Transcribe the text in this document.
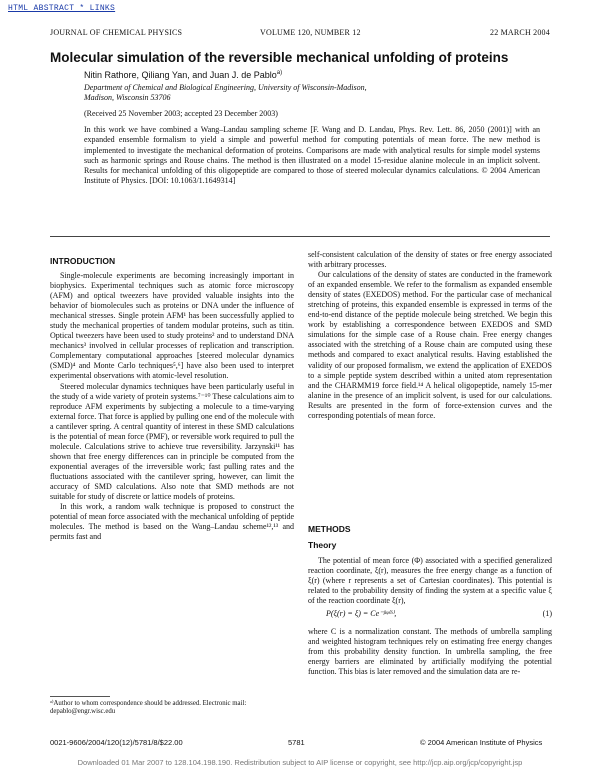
HTML ABSTRACT * LINKS
JOURNAL OF CHEMICAL PHYSICS	VOLUME 120, NUMBER 12	22 MARCH 2004
Molecular simulation of the reversible mechanical unfolding of proteins
Nitin Rathore, Qiliang Yan, and Juan J. de Pablo$^{a)}$
Department of Chemical and Biological Engineering, University of Wisconsin-Madison,
Madison, Wisconsin 53706
(Received 25 November 2003; accepted 23 December 2003)
In this work we have combined a Wang–Landau sampling scheme [F. Wang and D. Landau, Phys. Rev. Lett. 86, 2050 (2001)] with an expanded ensemble formalism to yield a simple and powerful method for computing potentials of mean force. The new method is implemented to investigate the mechanical deformation of proteins. Comparisons are made with analytical results for simple model systems such as harmonic springs and Rouse chains. The method is then illustrated on a model 15-residue alanine molecule in an implicit solvent. Results for mechanical unfolding of this oligopeptide are compared to those of steered molecular dynamics calculations. © 2004 American Institute of Physics. [DOI: 10.1063/1.1649314]
INTRODUCTION

Single-molecule experiments are becoming increasingly important in biophysics. Experimental techniques such as atomic force microscopy (AFM) and optical tweezers have provided valuable insights into the behavior of biomolecules such as proteins or DNA under the influence of mechanical stresses. Single protein AFM¹ has been successfully applied to study the mechanical properties of tandem modular proteins, such as titin. Optical tweezers have been used to study proteins² and to understand DNA mechanics³ involved in cellular processes of replication and transcription. Complementary computational approaches [steered molecular dynamics (SMD)⁴ and Monte Carlo techniques⁵,⁶] have also been used to interpret experimental observations with atomic-level resolution.

Steered molecular dynamics techniques have been particularly useful in the study of a wide variety of protein systems.⁷⁻¹⁰ These calculations aim to reproduce AFM experiments by subjecting a molecule to a time-varying external force. That force is applied by pulling one end of the molecule with a cantilever spring. A central quantity of interest in these SMD calculations is the potential of mean force (PMF), or reversible work required to pull the molecule. Calculations strive to achieve true reversibility. Jarzynski¹¹ has shown that free energy differences can in principle be computed from the exponential averages of the irreversible work; fast pulling rates and the fluctuations associated with the cantilever spring, however, can limit the accuracy of SMD calculations. Also note that SMD methods are not suitable for study of discrete or lattice models of proteins.

In this work, a random walk technique is proposed to construct the potential of mean force associated with the mechanical unfolding of peptide molecules. The method is based on the Wang–Landau scheme¹²,¹³ and permits fast and

ᵃ⁾Author to whom correspondence should be addressed. Electronic mail: depablo@engr.wisc.edu

self-consistent calculation of the density of states or free energy associated with arbitrary processes.

Our calculations of the density of states are conducted in the framework of an expanded ensemble. We refer to the formalism as expanded ensemble density of states (EXEDOS) method. For the particular case of mechanical stretching of proteins, this expanded ensemble is expressed in terms of the end-to-end distance of the peptide molecule being stretched. We begin this work by establishing a correspondence between EXEDOS and SMD simulations for the simple case of a Rouse chain. Free energy changes associated with the stretching of a Rouse chain are computed using these methods and compared to exact analytical results. Having established the validity of our proposed formalism, we extend the application of EXEDOS to a simple peptide system described within a united atom representation and the CHARMM19 force field.¹⁴ A helical oligopeptide, namely 15-mer alanine in the presence of an implicit solvent, is used for our calculations. Results are presented in the form of force-extension curves and the corresponding potentials of mean force.

METHODS
Theory

The potential of mean force (Φ) associated with a specified generalized reaction coordinate, ξ(r), measures the free energy change as a function of ξ(r) (where r represents a set of Cartesian coordinates). This potential is related to the probability density of finding the system at a specific value ξ of the reaction coordinate ξ(r),

P(ξ(r) = ξ) = Ce⁻ᵝᵠ⁽ᵟ⁾,	(1)

where C is a normalization constant. The methods of umbrella sampling and weighted histogram techniques rely on estimating free energy changes from this probability density function. In umbrella sampling, the free energy barriers are eliminated by artificially modifying the potential function. This bias is later removed and the simulation data are re-

0021-9606/2004/120(12)/5781/8/$22.00	5781	© 2004 American Institute of Physics
Downloaded 01 Mar 2007 to 128.104.198.190. Redistribution subject to AIP license or copyright, see http://jcp.aip.org/jcp/copyright.jsp
